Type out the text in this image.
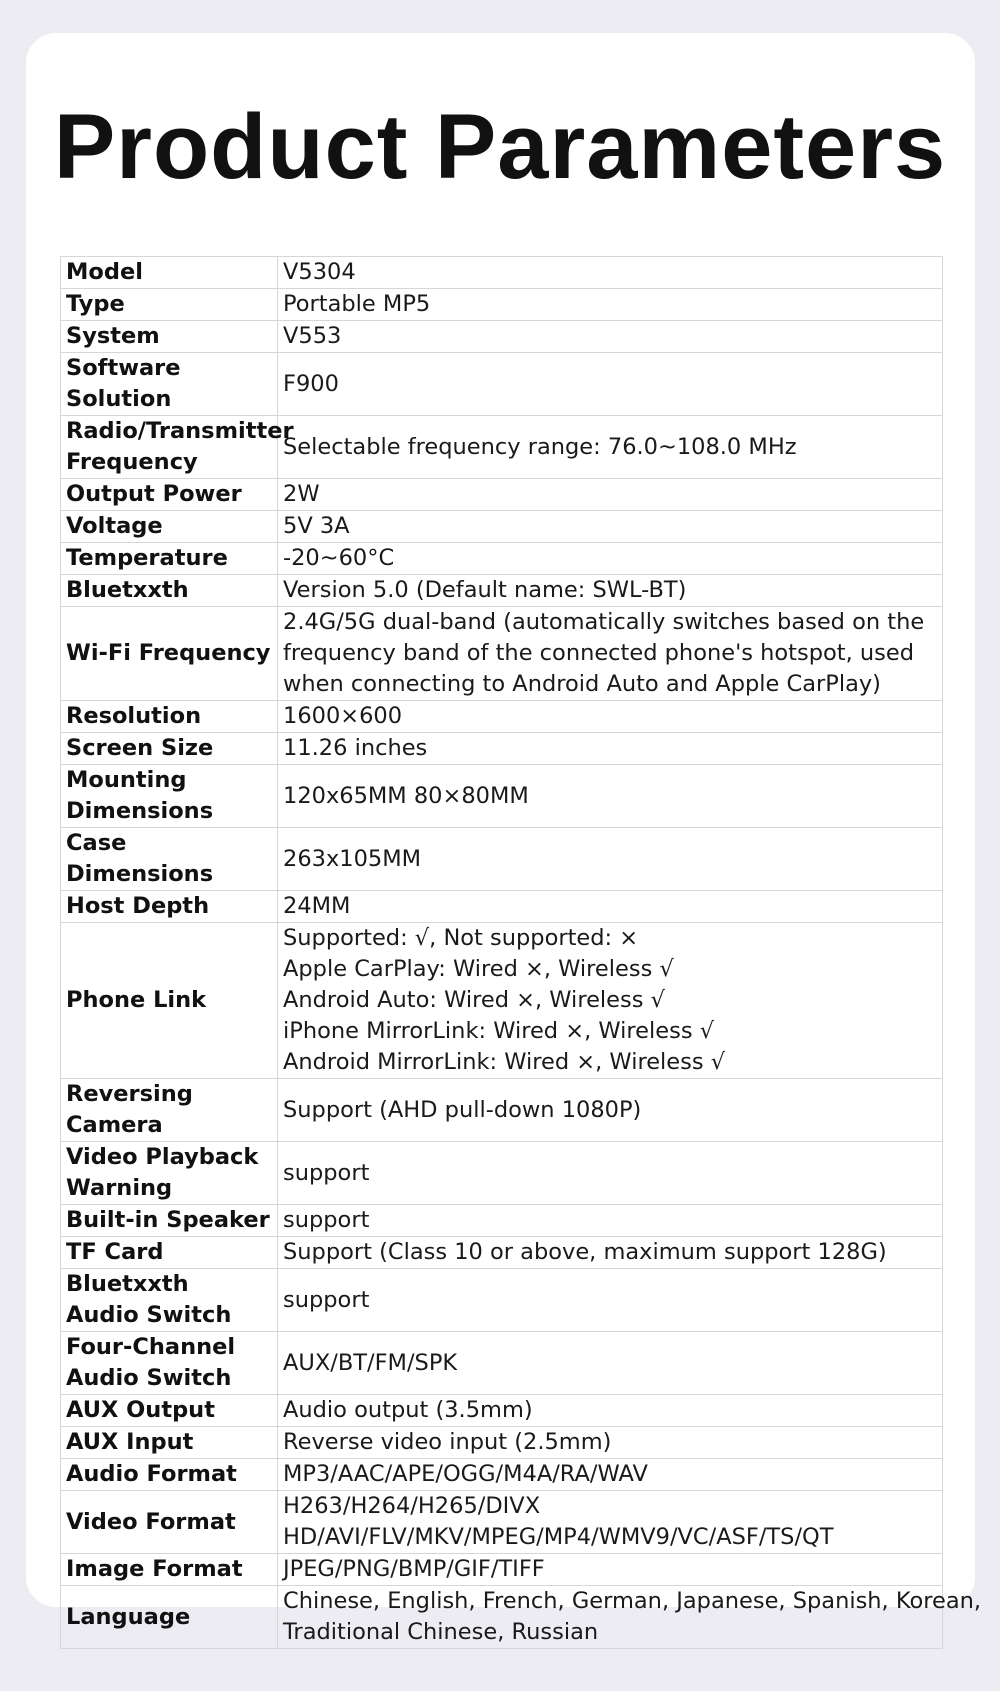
Product Parameters
Model	V5304

Type	Portable MP5

System	V553

Software Solution	F900

Radio/Transmitter
Frequency	Selectable frequency range: 76.0~108.0 MHz

Output Power	2W

Voltage	5V 3A

Temperature	-20~60°C

Bluetxxth	Version 5.0 (Default name: SWL-BT)

Wi-Fi Frequency	2.4G/5G dual-band (automatically switches based on the
frequency band of the connected phone's hotspot, used
when connecting to Android Auto and Apple CarPlay)

Resolution	1600×600

Screen Size	11.26 inches

Mounting
Dimensions	120x65MM 80×80MM

Case Dimensions	263x105MM

Host Depth	24MM

Phone Link	Supported: √, Not supported: ×
Apple CarPlay: Wired ×, Wireless √
Android Auto: Wired ×, Wireless √
iPhone MirrorLink: Wired ×, Wireless √
Android MirrorLink: Wired ×, Wireless √

Reversing Camera	Support (AHD pull-down 1080P)

Video Playback
Warning	support

Built-in Speaker	support

TF Card	Support (Class 10 or above, maximum support 128G)

Bluetxxth
Audio Switch	support

Four-Channel
Audio Switch	AUX/BT/FM/SPK

AUX Output	Audio output (3.5mm)

AUX Input	Reverse video input (2.5mm)

Audio Format	MP3/AAC/APE/OGG/M4A/RA/WAV

Video Format	H263/H264/H265/DIVX
HD/AVI/FLV/MKV/MPEG/MP4/WMV9/VC/ASF/TS/QT

Image Format	JPEG/PNG/BMP/GIF/TIFF

Language	Chinese, English, French, German, Japanese, Spanish, Korean,
Traditional Chinese, Russian
